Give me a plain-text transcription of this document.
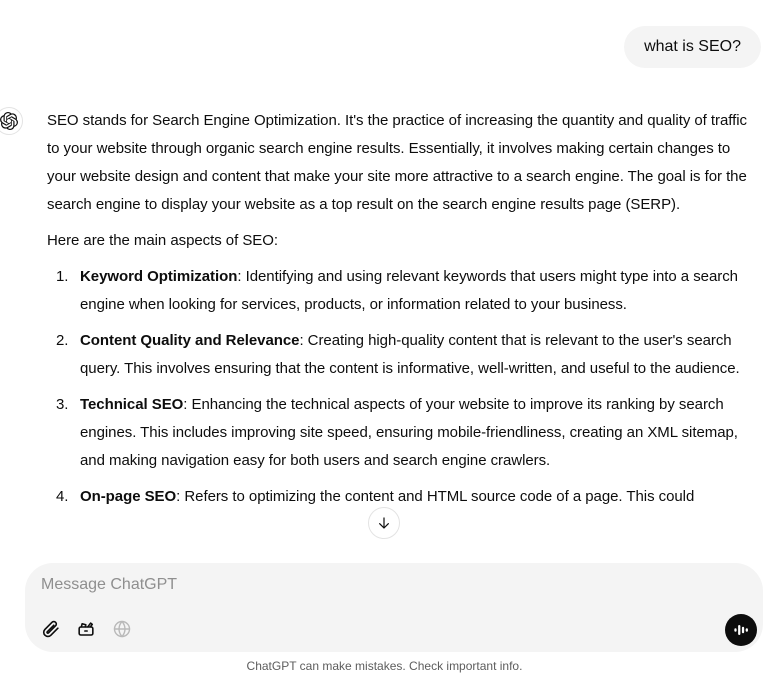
what is SEO?

SEO stands for Search Engine Optimization. It's the practice of increasing the quantity and quality of traffic to your website through organic search engine results. Essentially, it involves making certain changes to your website design and content that make your site more attractive to a search engine. The goal is for the search engine to display your website as a top result on the search engine results page (SERP).

Here are the main aspects of SEO:

1. Keyword Optimization: Identifying and using relevant keywords that users might type into a search engine when looking for services, products, or information related to your business.
2. Content Quality and Relevance: Creating high-quality content that is relevant to the user's search query. This involves ensuring that the content is informative, well-written, and useful to the audience.
3. Technical SEO: Enhancing the technical aspects of your website to improve its ranking by search engines. This includes improving site speed, ensuring mobile-friendliness, creating an XML sitemap, and making navigation easy for both users and search engine crawlers.
4. On-page SEO: Refers to optimizing the content and HTML source code of a page. This could
Message ChatGPT
ChatGPT can make mistakes. Check important info.
